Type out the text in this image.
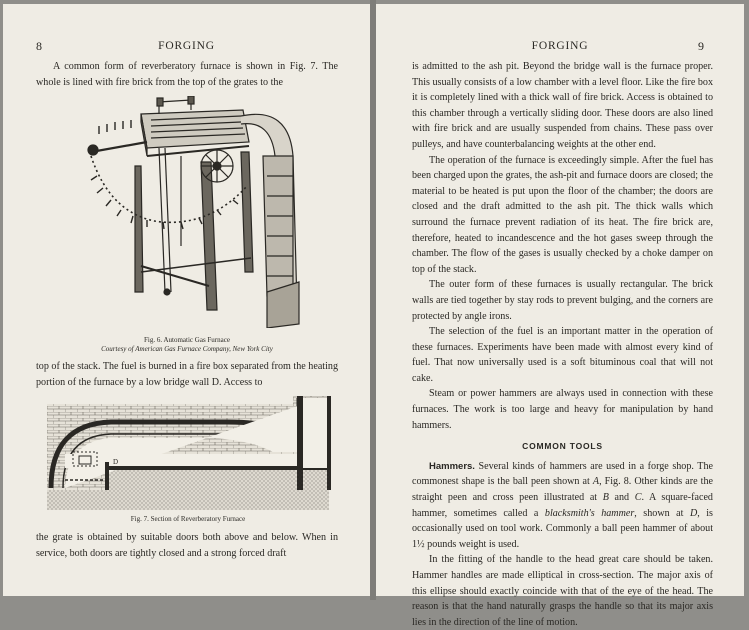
8	FORGING

A common form of reverberatory furnace is shown in Fig. 7. The whole is lined with fire brick from the top of the grates to the

Fig. 6. Automatic Gas Furnace
Courtesy of American Gas Furnace Company, New York City

top of the stack. The fuel is burned in a fire box separated from the heating portion of the furnace by a low bridge wall D. Access to

D
Fig. 7. Section of Reverberatory Furnace

the grate is obtained by suitable doors both above and below. When in service, both doors are tightly closed and a strong forced draft

FORGING	9

is admitted to the ash pit. Beyond the bridge wall is the furnace proper. This usually consists of a low chamber with a level floor. Like the fire box it is completely lined with a thick wall of fire brick. Access is obtained to this chamber through a vertically sliding door. These doors are also lined with fire brick and are usually suspended from chains. These pass over pulleys, and have counterbalancing weights at the other end.

The operation of the furnace is exceedingly simple. After the fuel has been charged upon the grates, the ash-pit and furnace doors are closed; the material to be heated is put upon the floor of the chamber; the doors are closed and the draft admitted to the ash pit. The thick walls which surround the furnace prevent radiation of its heat. The fire brick are, therefore, heated to incandescence and the hot gases sweep through the chamber. The flow of the gases is usually checked by a choke damper on top of the stack.

The outer form of these furnaces is usually rectangular. The brick walls are tied together by stay rods to prevent bulging, and the corners are protected by angle irons.

The selection of the fuel is an important matter in the operation of these furnaces. Experiments have been made with almost every kind of fuel. That now universally used is a soft bituminous coal that will not cake.

Steam or power hammers are always used in connection with these furnaces. The work is too large and heavy for manipulation by hand hammers.

COMMON TOOLS

Hammers. Several kinds of hammers are used in a forge shop. The commonest shape is the ball peen shown at A, Fig. 8. Other kinds are the straight peen and cross peen illustrated at B and C. A square-faced hammer, sometimes called a blacksmith's hammer, shown at D, is occasionally used on tool work. Commonly a ball peen hammer of about 1½ pounds weight is used.

In the fitting of the handle to the head great care should be taken. Hammer handles are made elliptical in cross-section. The major axis of this ellipse should exactly coincide with that of the eye of the head. The reason is that the hand naturally grasps the handle so that its major axis lies in the direction of the line of motion.
